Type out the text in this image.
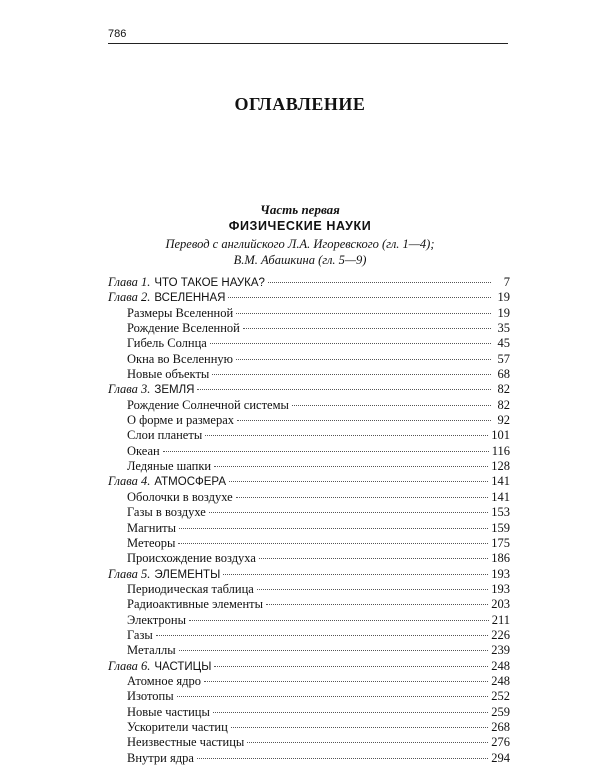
786
ОГЛАВЛЕНИЕ
Часть первая
ФИЗИЧЕСКИЕ НАУКИ
Перевод с английского Л.А. Игоревского (гл. 1—4);
В.М. Абашкина (гл. 5—9)
Глава 1. ЧТО ТАКОЕ НАУКА?	7
Глава 2. ВСЕЛЕННАЯ	19
Размеры Вселенной	19
Рождение Вселенной	35
Гибель Солнца	45
Окна во Вселенную	57
Новые объекты	68
Глава 3. ЗЕМЛЯ	82
Рождение Солнечной системы	82
О форме и размерах	92
Слои планеты	101
Океан	116
Ледяные шапки	128
Глава 4. АТМОСФЕРА	141
Оболочки в воздухе	141
Газы в воздухе	153
Магниты	159
Метеоры	175
Происхождение воздуха	186
Глава 5. ЭЛЕМЕНТЫ	193
Периодическая таблица	193
Радиоактивные элементы	203
Электроны	211
Газы	226
Металлы	239
Глава 6. ЧАСТИЦЫ	248
Атомное ядро	248
Изотопы	252
Новые частицы	259
Ускорители частиц	268
Неизвестные частицы	276
Внутри ядра	294
